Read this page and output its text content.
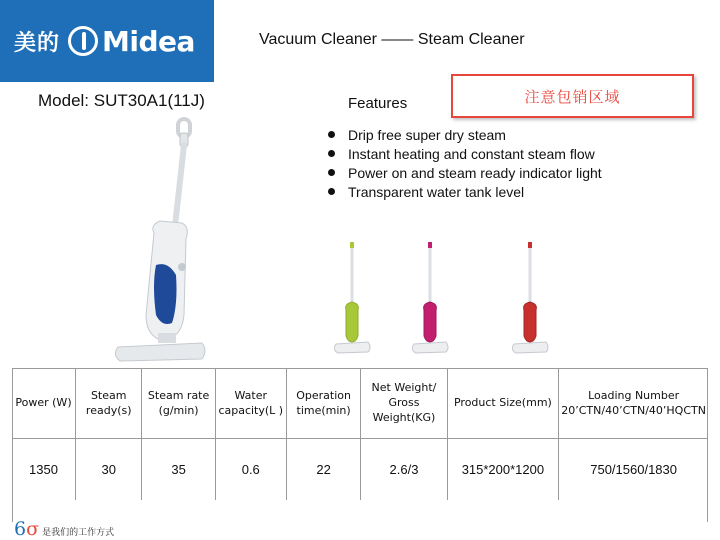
美的 Midea	Vacuum Cleaner —— Steam Cleaner
Model: SUT30A1(11J)	Features	注意包销区域
Drip free super dry steam
Instant heating and constant steam flow
Power on and steam ready indicator light
Transparent water tank level
Power (W)	Steam ready(s)	Steam rate (g/min)	Water capacity(L )	Operation time(min)	Net Weight/ Gross Weight(KG)	Product Size(mm)	Loading Number 20’CTN/40’CTN/40’HQCTN
1350	30	35	0.6	22	2.6/3	315*200*1200	750/1560/1830
6 σ 是我们的工作方式
